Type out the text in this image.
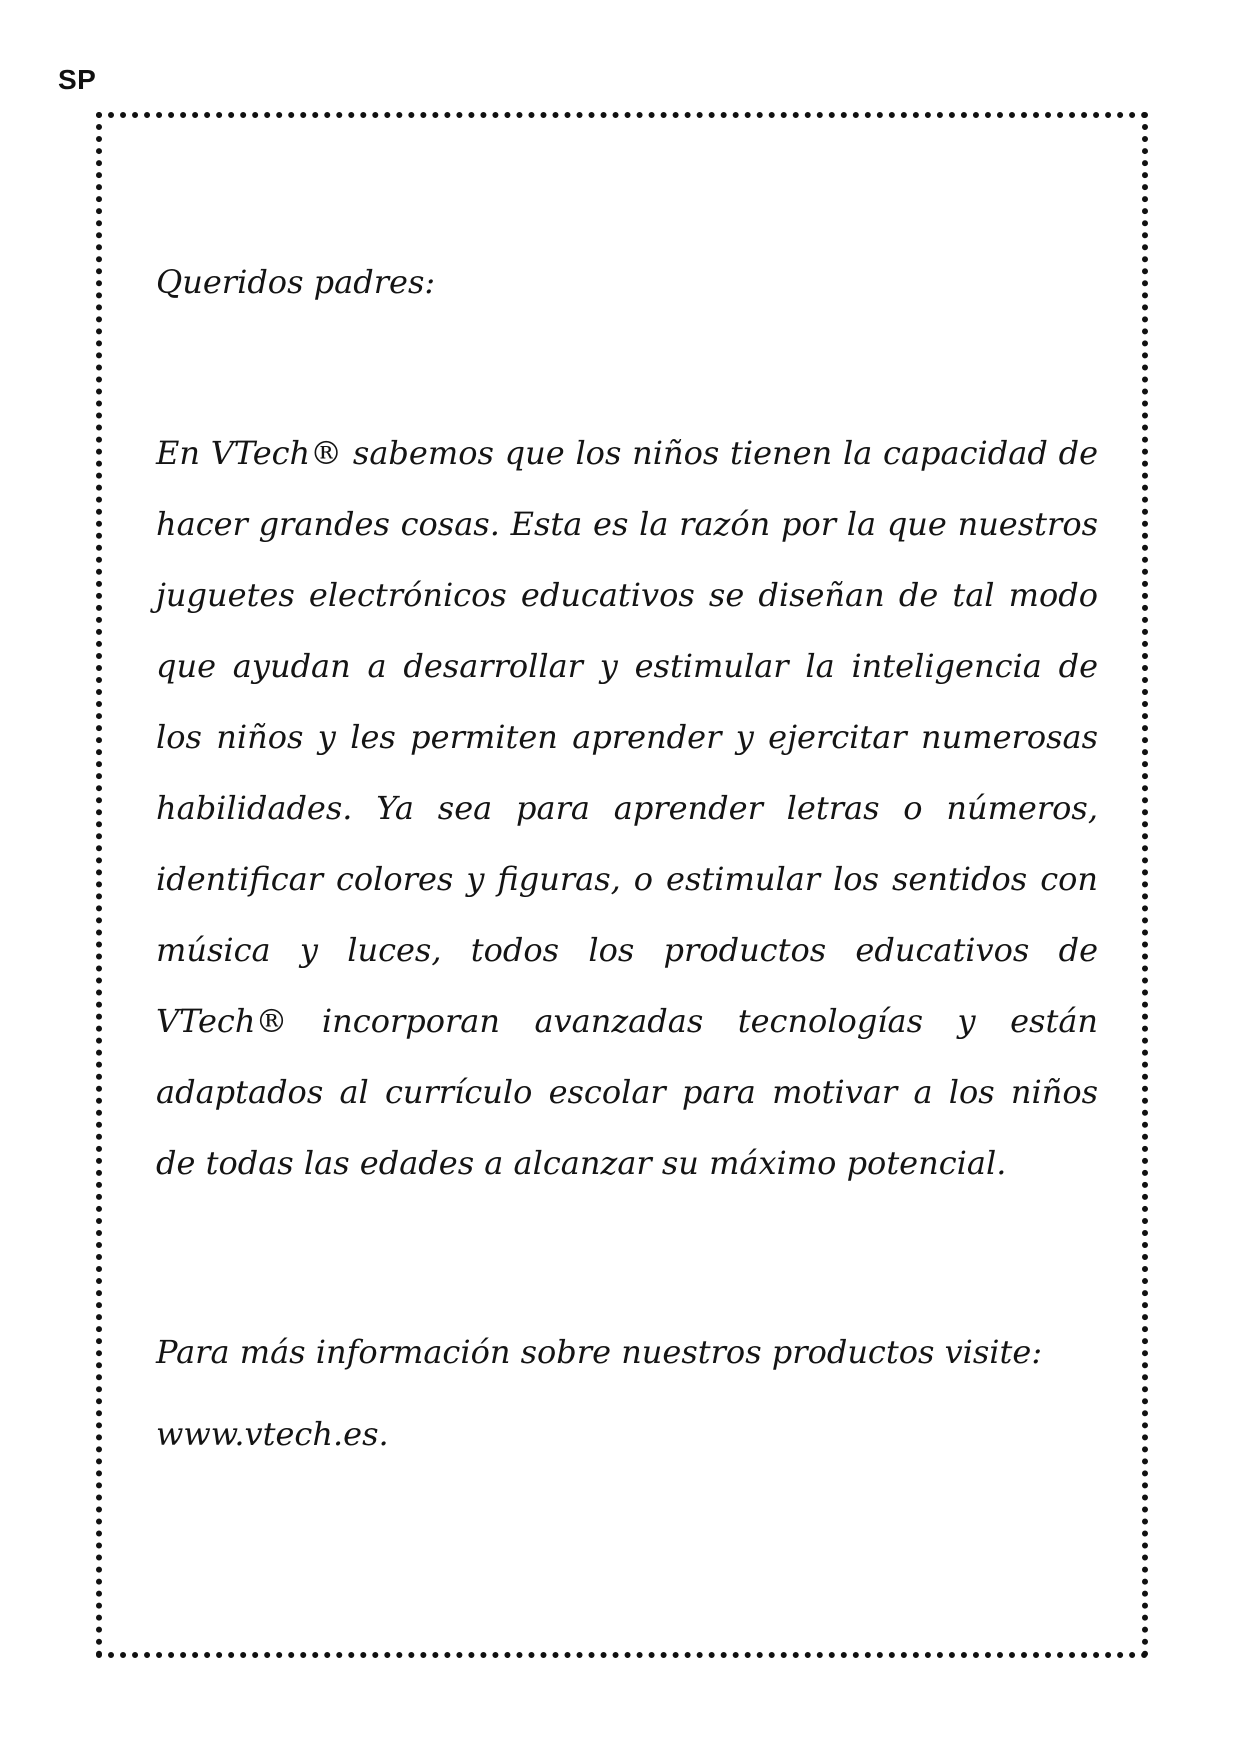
SP

Queridos padres:

En VTech® sabemos que los niños tienen la capacidad de hacer grandes cosas. Esta es la razón por la que nuestros juguetes electrónicos educativos se diseñan de tal modo que ayudan a desarrollar y estimular la inteligencia de los niños y les permiten aprender y ejercitar numerosas habilidades. Ya sea para aprender letras o números, identificar colores y figuras, o estimular los sentidos con música y luces, todos los productos educativos de VTech® incorporan avanzadas tecnologías y están adaptados al currículo escolar para motivar a los niños de todas las edades a alcanzar su máximo potencial.

Para más información sobre nuestros productos visite:
www.vtech.es.
